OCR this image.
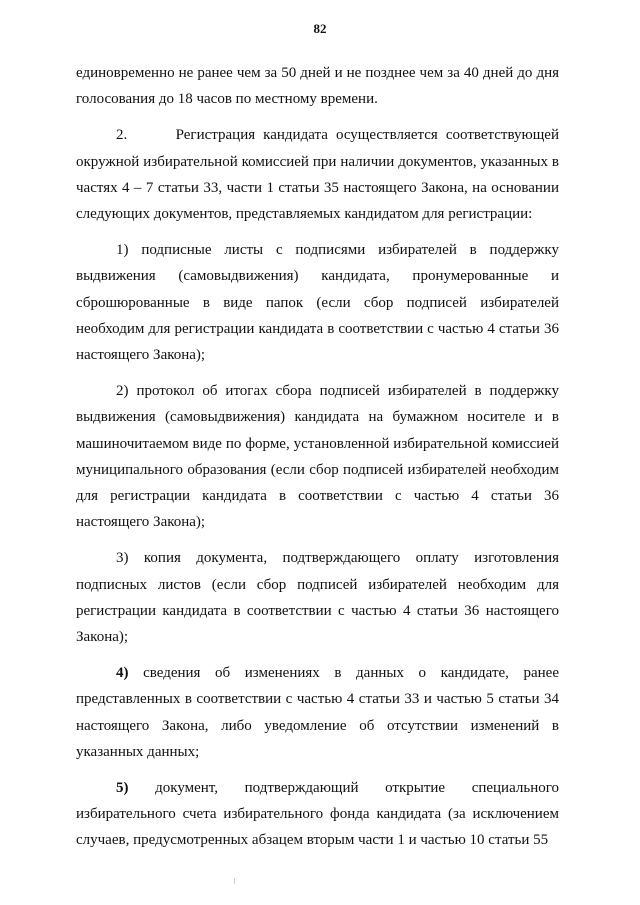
82

единовременно не ранее чем за 50 дней и не позднее чем за 40 дней до дня голосования до 18 часов по местному времени.

2.	Регистрация кандидата осуществляется соответствующей окружной избирательной комиссией при наличии документов, указанных в частях 4 – 7 статьи 33, части 1 статьи 35 настоящего Закона, на основании следующих документов, представляемых кандидатом для регистрации:

1) подписные листы с подписями избирателей в поддержку выдвижения (самовыдвижения) кандидата, пронумерованные и сброшюрованные в виде папок (если сбор подписей избирателей необходим для регистрации кандидата в соответствии с частью 4 статьи 36 настоящего Закона);

2) протокол об итогах сбора подписей избирателей в поддержку выдвижения (самовыдвижения) кандидата на бумажном носителе и в машиночитаемом виде по форме, установленной избирательной комиссией муниципального образования (если сбор подписей избирателей необходим для регистрации кандидата в соответствии с частью 4 статьи 36 настоящего Закона);

3) копия документа, подтверждающего оплату изготовления подписных листов (если сбор подписей избирателей необходим для регистрации кандидата в соответствии с частью 4 статьи 36 настоящего Закона);

4) сведения об изменениях в данных о кандидате, ранее представленных в соответствии с частью 4 статьи 33 и частью 5 статьи 34 настоящего Закона, либо уведомление об отсутствии изменений в указанных данных;

5) документ, подтверждающий открытие специального избирательного счета избирательного фонда кандидата (за исключением случаев, предусмотренных абзацем вторым части 1 и частью 10 статьи 55
